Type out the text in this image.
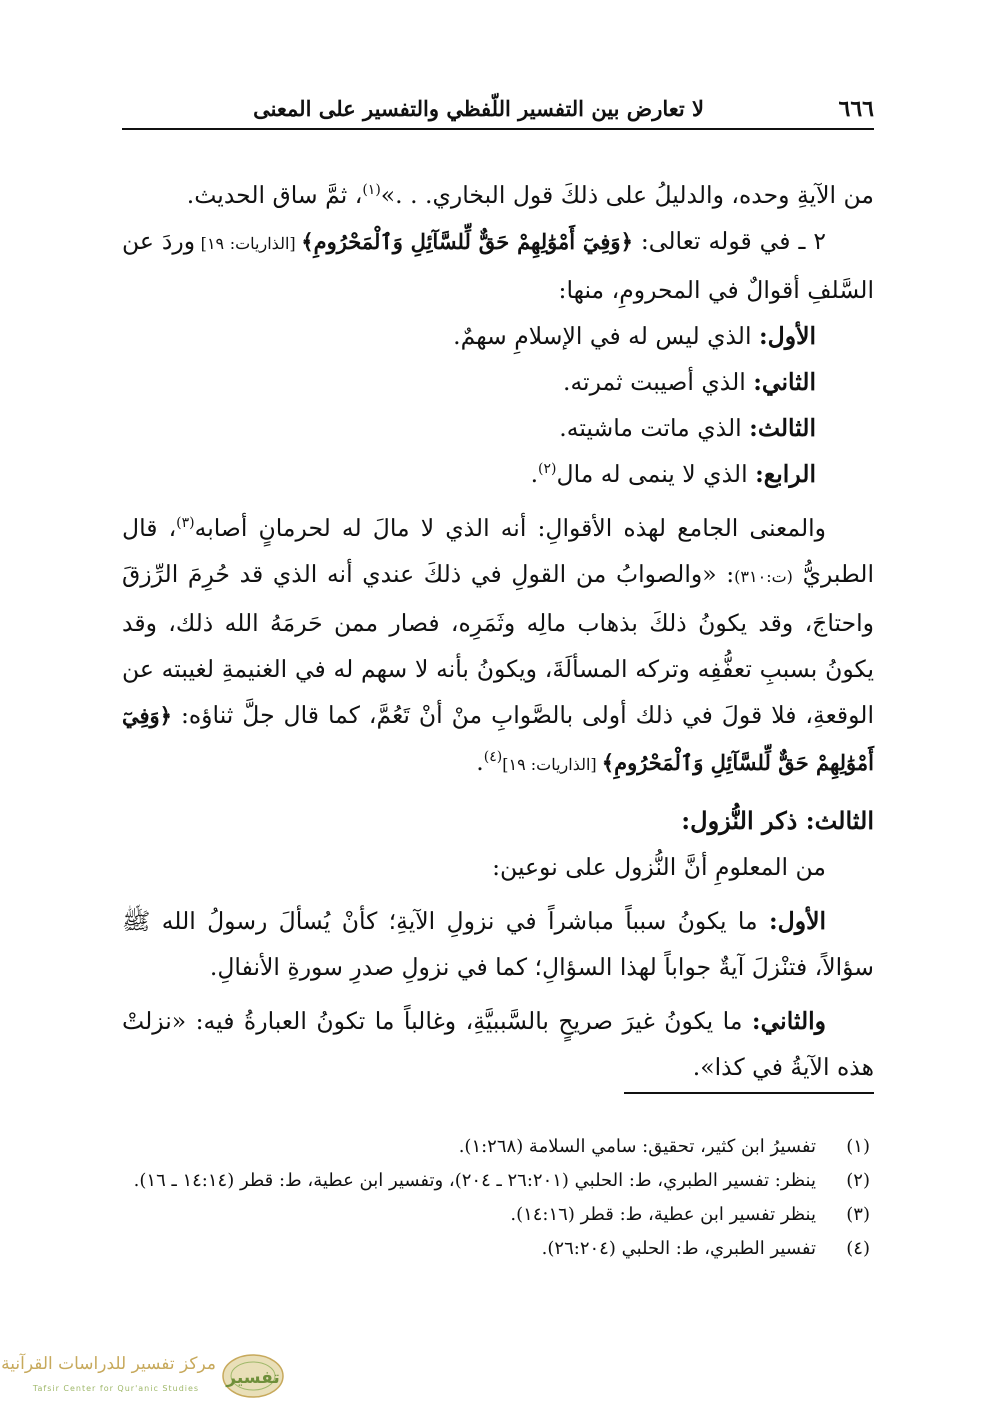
٦٦٦
لا تعارض بين التفسير اللّفظي والتفسير على المعنى

من الآيةِ وحده، والدليلُ على ذلكَ قول البخاري. . .»$^{(١)}$، ثمَّ ساق الحديث.

٢ ـ في قوله تعالى: ﴿وَفِيٓ أَمْوَٰلِهِمْ حَقٌّ لِّلسَّآئِلِ وَٱلْمَحْرُومِ﴾ [الذاريات: ١٩] وردَ عن السَّلفِ أقوالٌ في المحرومِ، منها:

الأول: الذي ليس له في الإسلامِ سهمٌ.

الثاني: الذي أصيبت ثمرته.

الثالث: الذي ماتت ماشيته.

الرابع: الذي لا ينمى له مال$^{(٢)}$.

والمعنى الجامع لهذه الأقوالِ: أنه الذي لا مالَ له لحرمانٍ أصابه$^{(٣)}$، قال الطبريُّ (ت:٣١٠): «والصوابُ من القولِ في ذلكَ عندي أنه الذي قد حُرِمَ الرِّزقَ واحتاجَ، وقد يكونُ ذلكَ بذهاب مالِه وثَمَرِه، فصار ممن حَرمَهُ الله ذلك، وقد يكونُ بسببِ تعفُّفِه وتركه المسألَةَ، ويكونُ بأنه لا سهم له في الغنيمةِ لغيبته عن الوقعةِ، فلا قولَ في ذلك أولى بالصَّوابِ منْ أنْ تَعُمَّ، كما قال جلَّ ثناؤه: ﴿وَفِيٓ أَمْوَٰلِهِمْ حَقٌّ لِّلسَّآئِلِ وَٱلْمَحْرُومِ﴾ [الذاريات: ١٩]$^{(٤)}$.

الثالث: ذكر النُّزول:

من المعلومِ أنَّ النُّزول على نوعين:

الأول: ما يكونُ سبباً مباشراً في نزولِ الآيةِ؛ كأنْ يُسألَ رسولُ الله ﷺ سؤالاً، فتنْزلَ آيةٌ جواباً لهذا السؤالِ؛ كما في نزولِ صدرِ سورةِ الأنفالِ.

والثاني: ما يكونُ غيرَ صريحٍ بالسَّببيَّةِ، وغالباً ما تكونُ العبارةُ فيه: «نزلتْ هذه الآيةُ في كذا».

(١)
تفسيرُ ابن كثير، تحقيق: سامي السلامة (١:٢٦٨).

(٢)
ينظر: تفسير الطبري، ط: الحلبي (٢٦:٢٠١ ـ ٢٠٤)، وتفسير ابن عطية، ط: قطر (١٤:١٤ ـ ١٦).

(٣)
ينظر تفسير ابن عطية، ط: قطر (١٤:١٦).

(٤)
تفسير الطبري، ط: الحلبي (٢٦:٢٠٤).

مركز تفسير للدراسات القرآنية
Tafsir Center for Qur'anic Studies
تفسير
